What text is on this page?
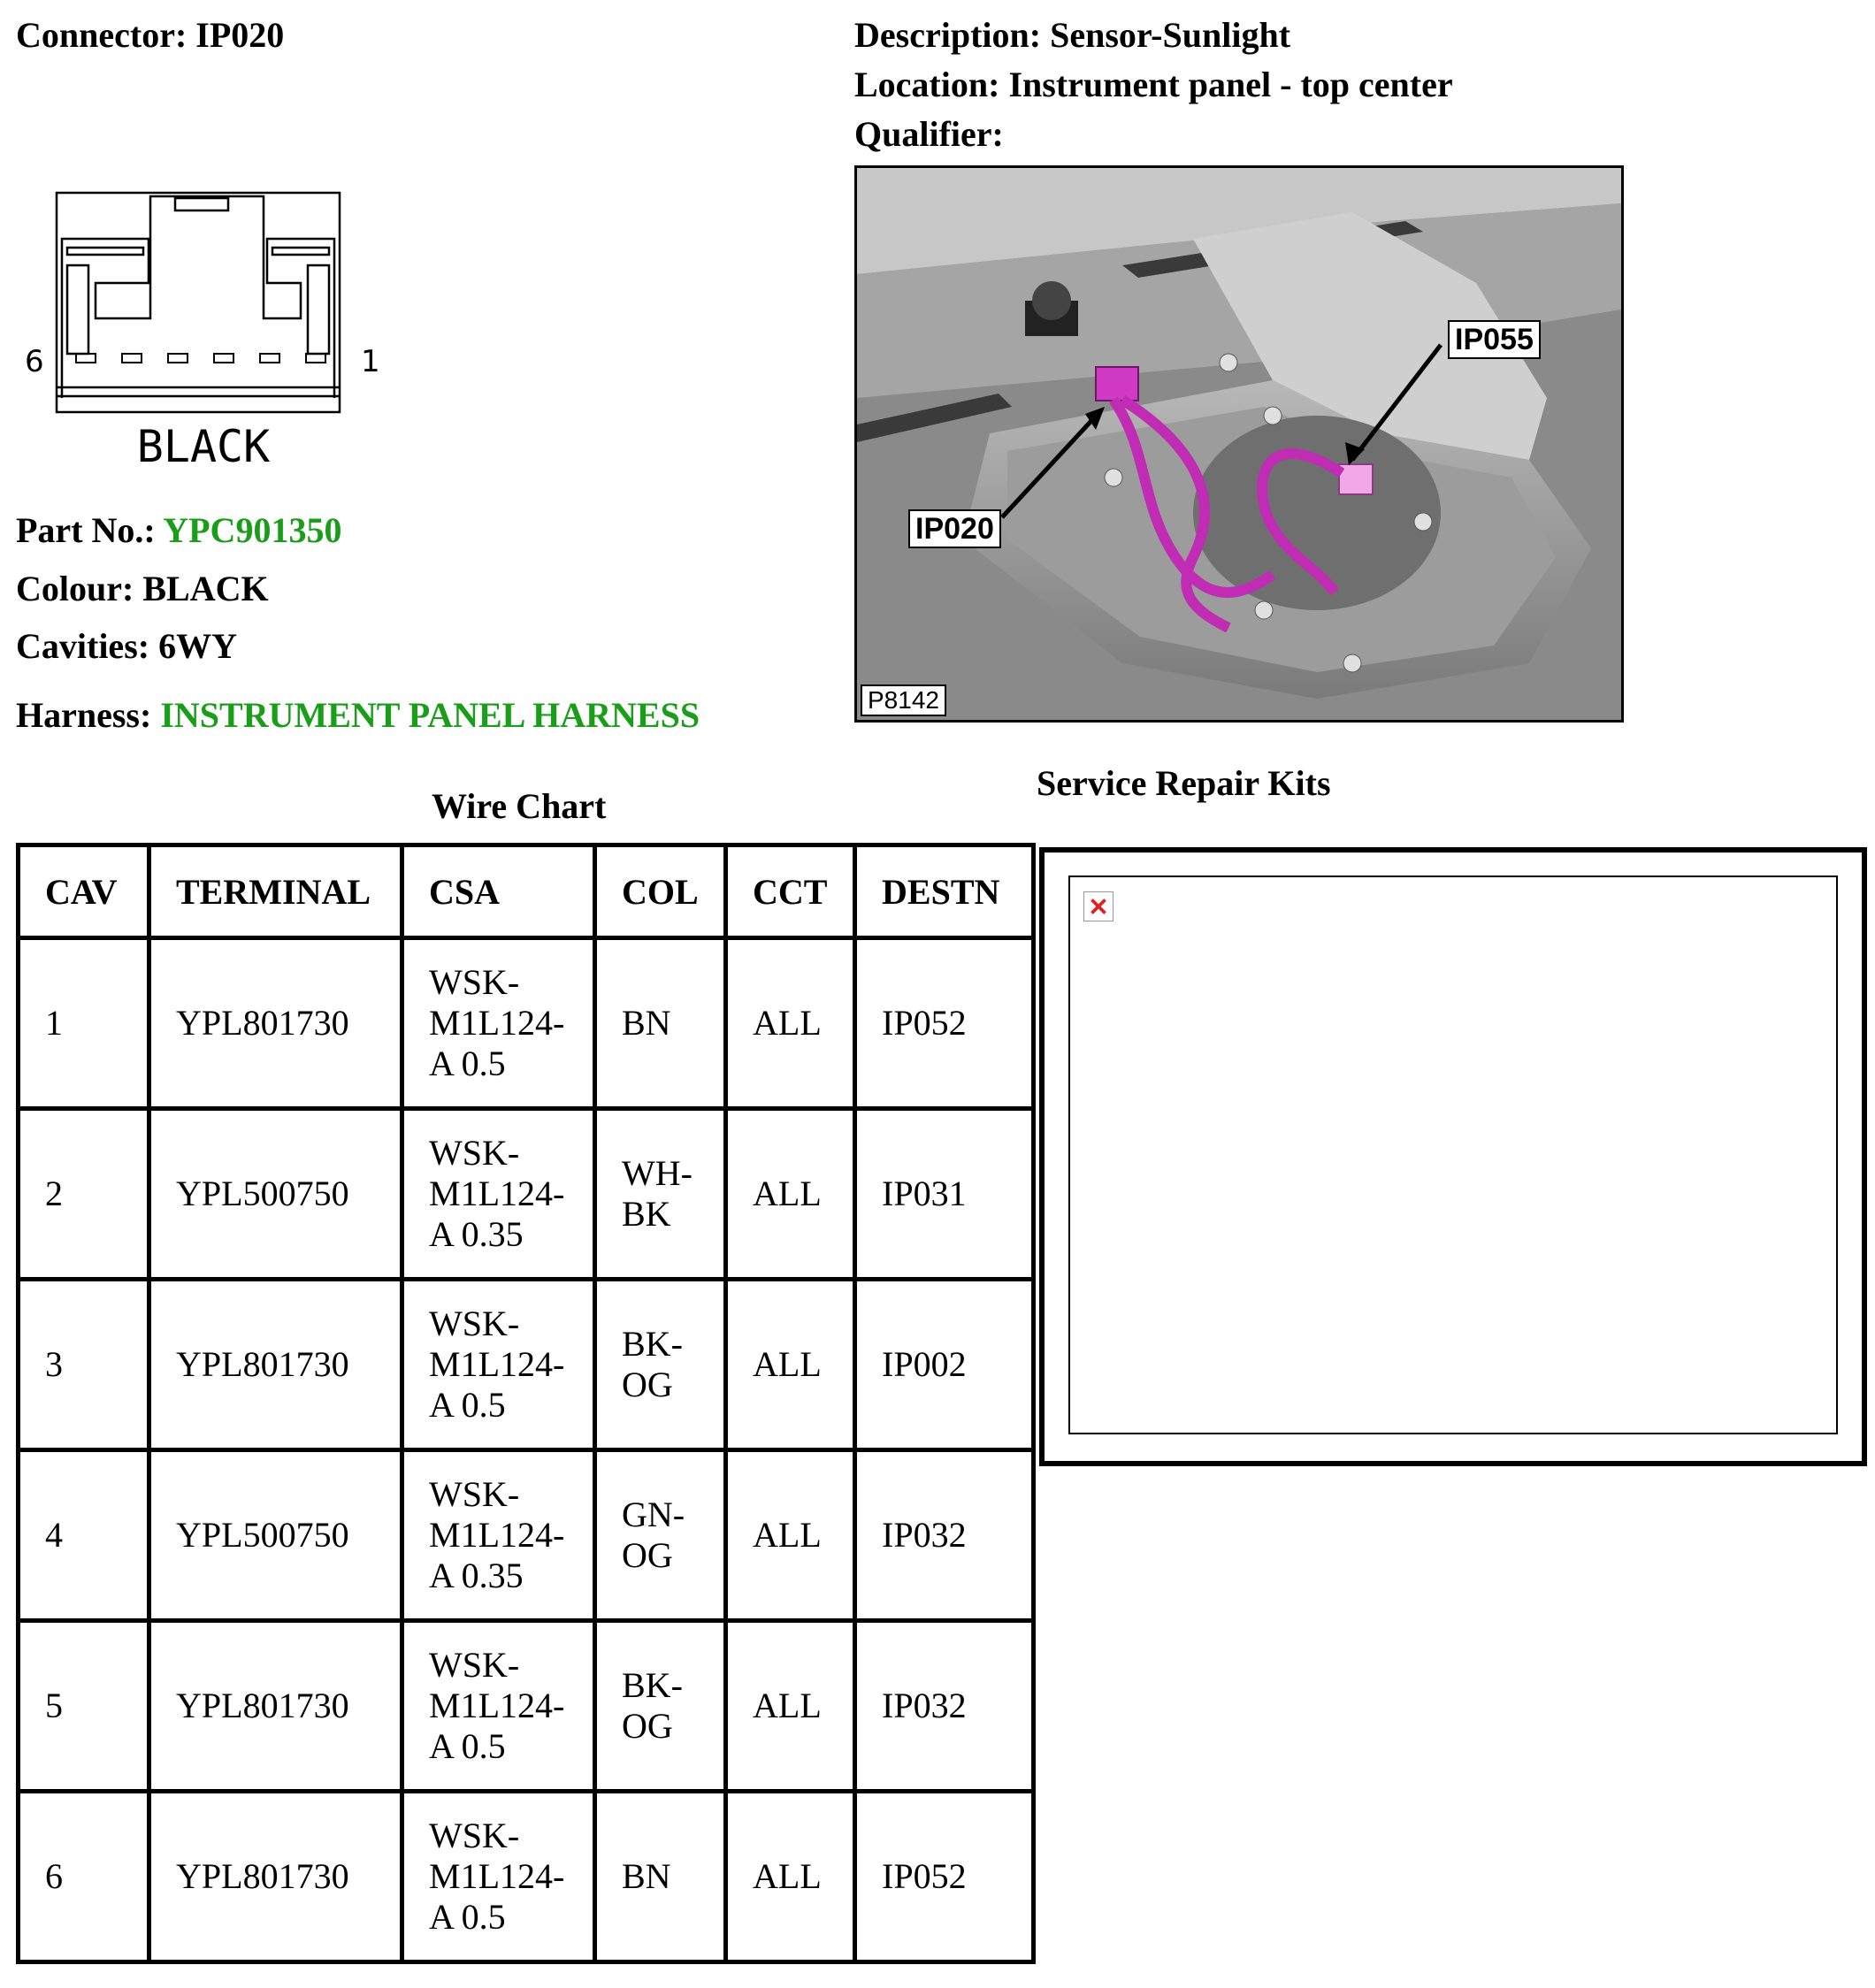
Connector: IP020	Description: Sensor-Sunlight
Location: Instrument panel - top center
Qualifier:
6	1
BLACK
Part No.: YPC901350
Colour: BLACK
Cavities: 6WY
Harness: INSTRUMENT PANEL HARNESS
IP055
IP020
P8142
Wire Chart
Service Repair Kits
CAV	TERMINAL	CSA	COL	CCT	DESTN
1	YPL801730	WSK-
M1L124-
A 0.5	BN	ALL	IP052
2	YPL500750	WSK-
M1L124-
A 0.35	WH-
BK	ALL	IP031
3	YPL801730	WSK-
M1L124-
A 0.5	BK-
OG	ALL	IP002
4	YPL500750	WSK-
M1L124-
A 0.35	GN-
OG	ALL	IP032
5	YPL801730	WSK-
M1L124-
A 0.5	BK-
OG	ALL	IP032
6	YPL801730	WSK-
M1L124-
A 0.5	BN	ALL	IP052
